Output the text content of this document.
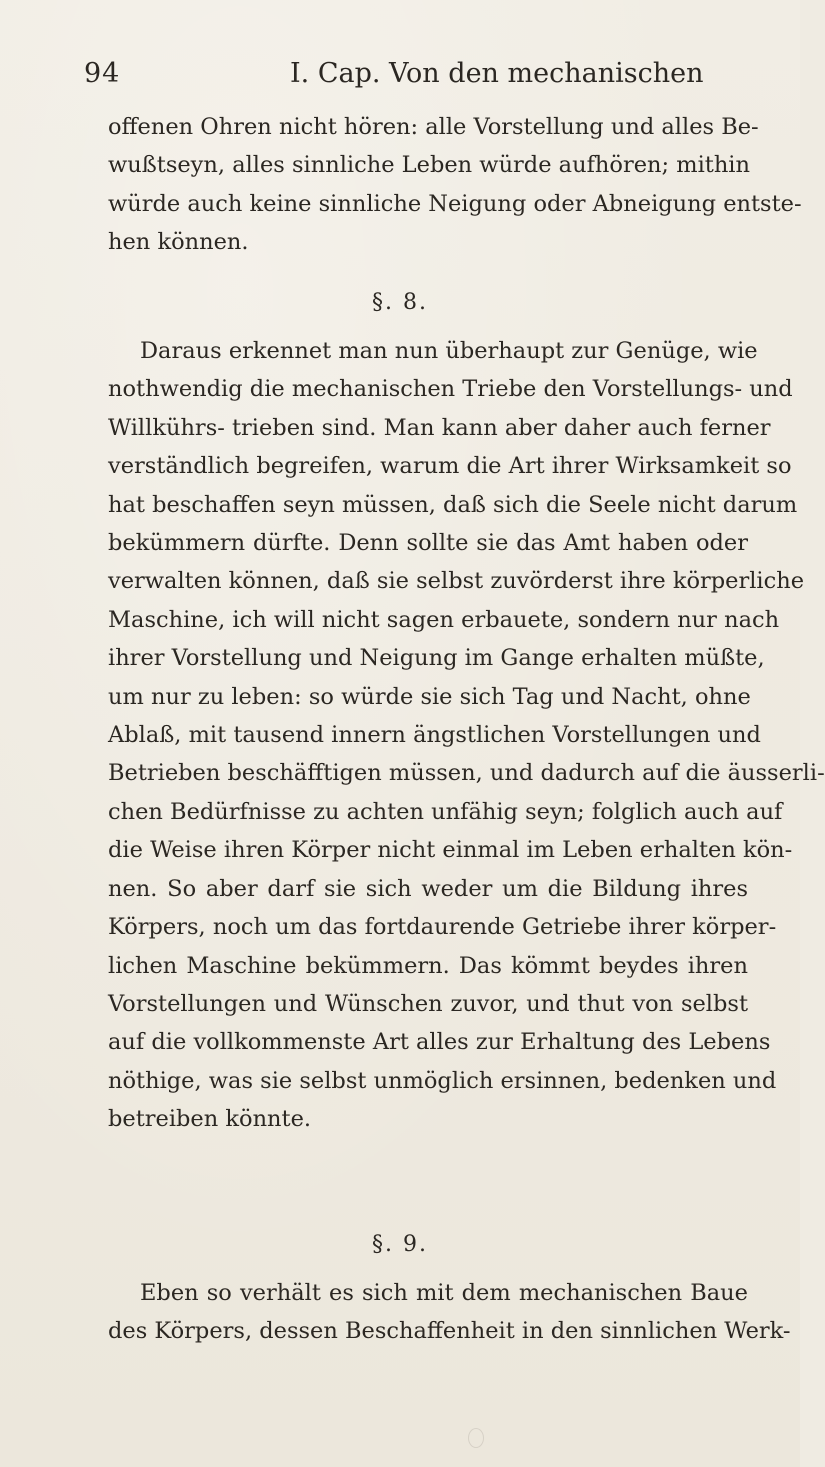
94	I. Cap. Von den mechanischen
offenen Ohren nicht hören: alle Vorstellung und alles Be-
wußtseyn, alles sinnliche Leben würde aufhören; mithin
würde auch keine sinnliche Neigung oder Abneigung entste-
hen können.
§. 8.
Daraus erkennet man nun überhaupt zur Genüge, wie
nothwendig die mechanischen Triebe den Vorstellungs- und
Willkührs- trieben sind. Man kann aber daher auch ferner
verständlich begreifen, warum die Art ihrer Wirksamkeit so
hat beschaffen seyn müssen, daß sich die Seele nicht darum
bekümmern dürfte. Denn sollte sie das Amt haben oder
verwalten können, daß sie selbst zuvörderst ihre körperliche
Maschine, ich will nicht sagen erbauete, sondern nur nach
ihrer Vorstellung und Neigung im Gange erhalten müßte,
um nur zu leben: so würde sie sich Tag und Nacht, ohne
Ablaß, mit tausend innern ängstlichen Vorstellungen und
Betrieben beschäfftigen müssen, und dadurch auf die äusserli-
chen Bedürfnisse zu achten unfähig seyn; folglich auch auf
die Weise ihren Körper nicht einmal im Leben erhalten kön-
nen. So aber darf sie sich weder um die Bildung ihres
Körpers, noch um das fortdaurende Getriebe ihrer körper-
lichen Maschine bekümmern. Das kömmt beydes ihren
Vorstellungen und Wünschen zuvor, und thut von selbst
auf die vollkommenste Art alles zur Erhaltung des Lebens
nöthige, was sie selbst unmöglich ersinnen, bedenken und
betreiben könnte.
§. 9.
Eben so verhält es sich mit dem mechanischen Baue
des Körpers, dessen Beschaffenheit in den sinnlichen Werk-
